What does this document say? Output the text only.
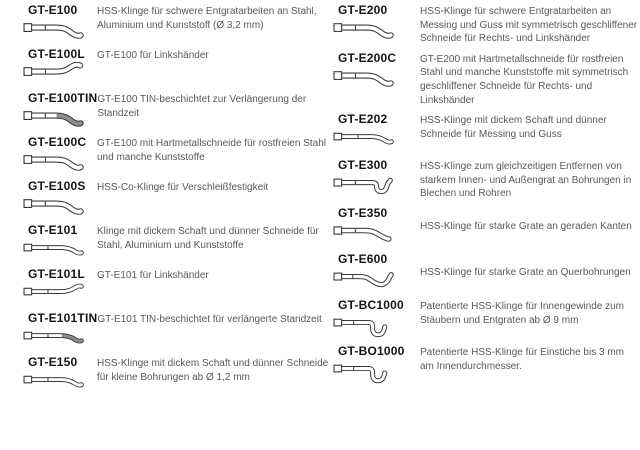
GT-E100	HSS-Klinge für schwere Entgratarbeiten an Stahl, Aluminium und Kunststoff (Ø 3,2 mm)
GT-E100L	GT-E100 für Linkshänder
GT-E100TIN GT-E100 TIN-beschichtet zur Verlängerung der Standzeit
GT-E100C	GT-E100 mit Hartmetallschneide für rostfreien Stahl und manche Kunststoffe
GT-E100S	HSS-Co-Klinge für Verschleißfestigkeit
GT-E101	Klinge mit dickem Schaft und dünner Schneide für Stahl, Aluminium und Kunststoffe
GT-E101L	GT-E101 für Linkshänder
GT-E101TIN GT-E101 TIN-beschichtet für verlängerte Standzeit
GT-E150	HSS-Klinge mit dickem Schaft und dünner Schneide für kleine Bohrungen ab Ø 1,2 mm
GT-E200	HSS-Klinge für schwere Entgratarbeiten an Messing und Guss mit symmetrisch geschliffener Schneide für Rechts- und Linkshänder
GT-E200C	GT-E200 mit Hartmetallschneide für rostfreien Stahl und manche Kunststoffe mit symmetrisch geschliffener Schneide für Rechts- und Linkshänder
GT-E202	HSS-Klinge mit dickem Schaft und dünner Schneide für Messing und Guss
GT-E300	HSS-Klinge zum gleichzeitigen Entfernen von starkem Innen- und Außengrat an Bohrungen in Blechen und Rohren
GT-E350
HSS-Klinge für starke Grate an geraden Kanten
GT-E600
HSS-Klinge für starke Grate an Querbohrungen
GT-BC1000	Patentierte HSS-Klinge für Innengewinde zum Stäubern und Entgraten ab Ø 9 mm
GT-BO1000	Patentierte HSS-Klinge für Einstiche bis 3 mm am Innendurchmesser.
